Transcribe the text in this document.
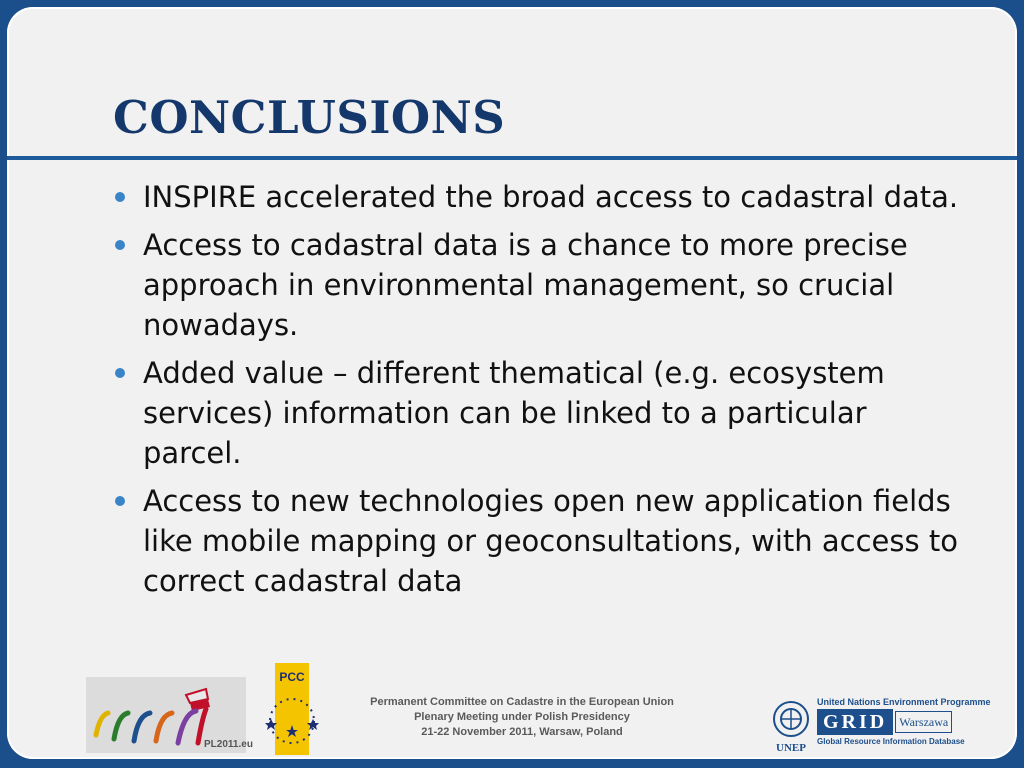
CONCLUSIONS
INSPIRE accelerated the broad access to cadastral data.
Access to cadastral data is a chance to more precise approach in environmental management, so crucial nowadays.
Added value – different thematical (e.g. ecosystem services) information can be linked to a particular parcel.
Access to new technologies open new application fields like mobile mapping or geoconsultations, with access to correct cadastral data
PL2011.eu
PCC
Permanent Committee on Cadastre in the European Union
Plenary Meeting under Polish Presidency
21-22 November 2011, Warsaw, Poland
UNEP
United Nations Environment Programme
GRID	Warszawa
Global Resource Information Database
